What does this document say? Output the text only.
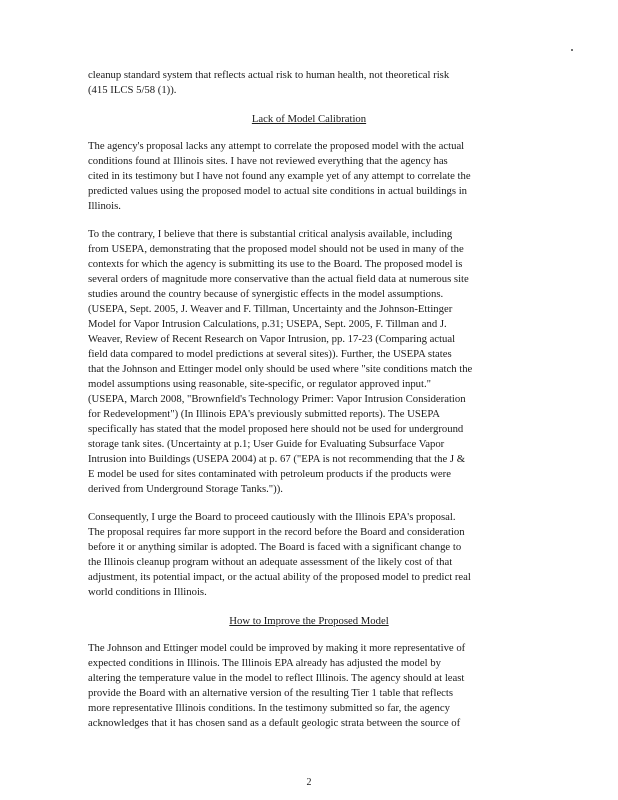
cleanup standard system that reflects actual risk to human health, not theoretical risk
(415 ILCS 5/58 (1)).
Lack of Model Calibration
The agency's proposal lacks any attempt to correlate the proposed model with the actual
conditions found at Illinois sites. I have not reviewed everything that the agency has
cited in its testimony but I have not found any example yet of any attempt to correlate the
predicted values using the proposed model to actual site conditions in actual buildings in
Illinois.
To the contrary, I believe that there is substantial critical analysis available, including
from USEPA, demonstrating that the proposed model should not be used in many of the
contexts for which the agency is submitting its use to the Board. The proposed model is
several orders of magnitude more conservative than the actual field data at numerous site
studies around the country because of synergistic effects in the model assumptions.
(USEPA, Sept. 2005, J. Weaver and F. Tillman, Uncertainty and the Johnson-Ettinger
Model for Vapor Intrusion Calculations, p.31; USEPA, Sept. 2005, F. Tillman and J.
Weaver, Review of Recent Research on Vapor Intrusion, pp. 17-23 (Comparing actual
field data compared to model predictions at several sites)). Further, the USEPA states
that the Johnson and Ettinger model only should be used where "site conditions match the
model assumptions using reasonable, site-specific, or regulator approved input."
(USEPA, March 2008, "Brownfield's Technology Primer: Vapor Intrusion Consideration
for Redevelopment") (In Illinois EPA's previously submitted reports). The USEPA
specifically has stated that the model proposed here should not be used for underground
storage tank sites. (Uncertainty at p.1; User Guide for Evaluating Subsurface Vapor
Intrusion into Buildings (USEPA 2004) at p. 67 ("EPA is not recommending that the J &
E model be used for sites contaminated with petroleum products if the products were
derived from Underground Storage Tanks.")).
Consequently, I urge the Board to proceed cautiously with the Illinois EPA's proposal.
The proposal requires far more support in the record before the Board and consideration
before it or anything similar is adopted. The Board is faced with a significant change to
the Illinois cleanup program without an adequate assessment of the likely cost of that
adjustment, its potential impact, or the actual ability of the proposed model to predict real
world conditions in Illinois.
How to Improve the Proposed Model
The Johnson and Ettinger model could be improved by making it more representative of
expected conditions in Illinois. The Illinois EPA already has adjusted the model by
altering the temperature value in the model to reflect Illinois. The agency should at least
provide the Board with an alternative version of the resulting Tier 1 table that reflects
more representative Illinois conditions. In the testimony submitted so far, the agency
acknowledges that it has chosen sand as a default geologic strata between the source of
2
